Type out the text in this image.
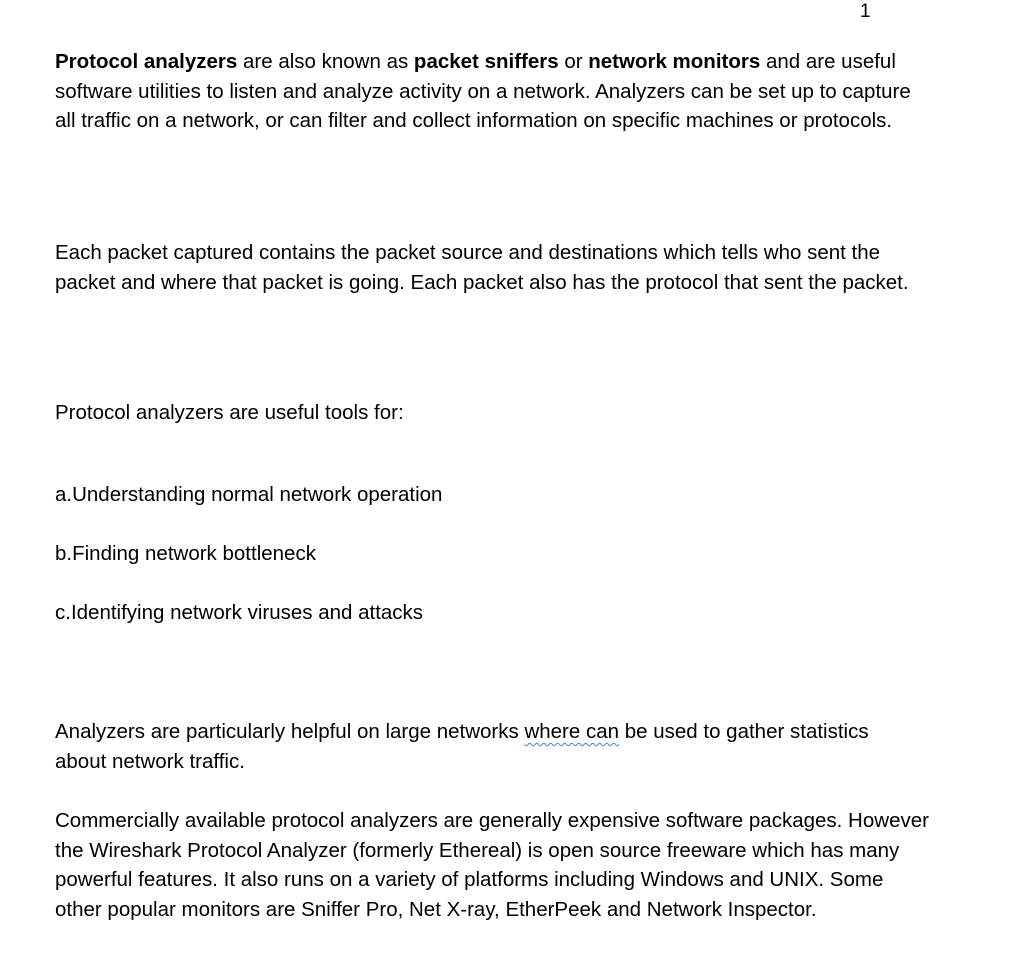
1

Protocol analyzers are also known as packet sniffers or network monitors and are useful software utilities to listen and analyze activity on a network. Analyzers can be set up to capture all traffic on a network, or can filter and collect information on specific machines or protocols.

Each packet captured contains the packet source and destinations which tells who sent the packet and where that packet is going. Each packet also has the protocol that sent the packet.

Protocol analyzers are useful tools for:

a.Understanding normal network operation

b.Finding network bottleneck

c.Identifying network viruses and attacks

Analyzers are particularly helpful on large networks where can be used to gather statistics about network traffic.

Commercially available protocol analyzers are generally expensive software packages. However the Wireshark Protocol Analyzer (formerly Ethereal) is open source freeware which has many powerful features. It also runs on a variety of platforms including Windows and UNIX. Some other popular monitors are Sniffer Pro, Net X-ray, EtherPeek and Network Inspector.
